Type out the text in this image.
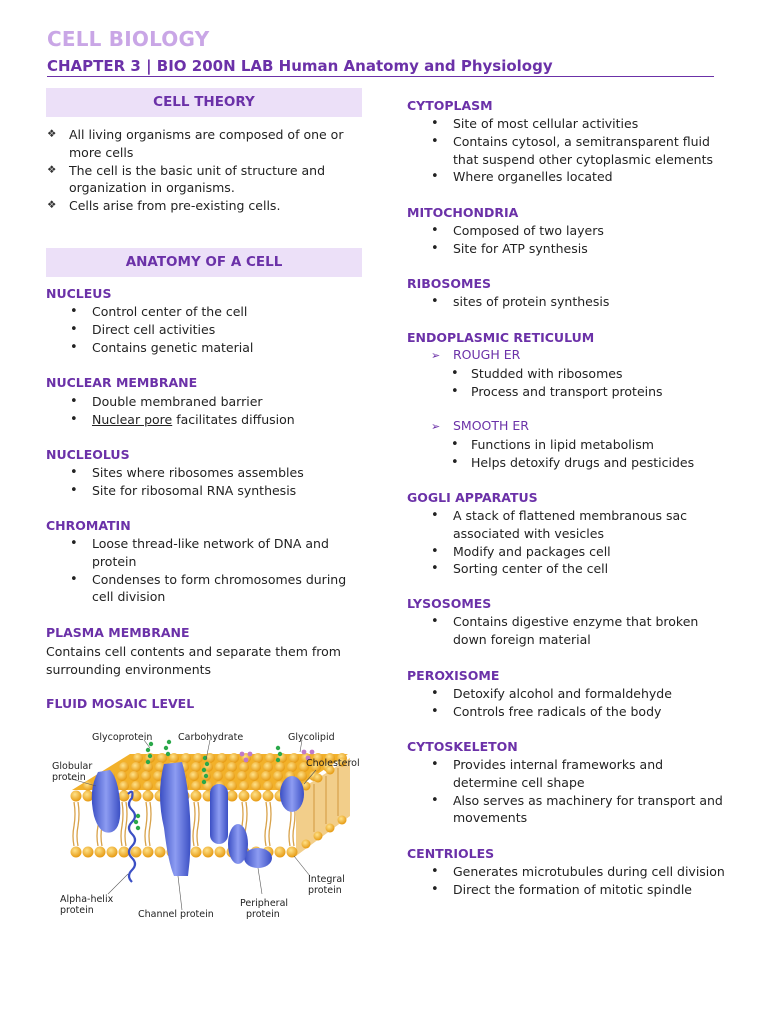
CELL BIOLOGY
CHAPTER 3 | BIO 200N LAB Human Anatomy and Physiology
CELL THEORY
❖ All living organisms are composed of one or more cells
❖ The cell is the basic unit of structure and organization in organisms.
❖ Cells arise from pre-existing cells.
ANATOMY OF A CELL
NUCLEUS
• Control center of the cell
• Direct cell activities
• Contains genetic material
NUCLEAR MEMBRANE
• Double membraned barrier
• Nuclear pore facilitates diffusion
NUCLEOLUS
• Sites where ribosomes assembles
• Site for ribosomal RNA synthesis
CHROMATIN
• Loose thread-like network of DNA and protein
• Condenses to form chromosomes during cell division
PLASMA MEMBRANE
Contains cell contents and separate them from surrounding environments
FLUID MOSAIC LEVEL
Glycoprotein	Carbohydrate	Glycolipid
Globular
protein
Cholesterol
Integral
protein
Alpha-helix
protein	Channel protein
Peripheral
protein
CYTOPLASM
• Site of most cellular activities
• Contains cytosol, a semitransparent fluid that suspend other cytoplasmic elements
• Where organelles located
MITOCHONDRIA
• Composed of two layers
• Site for ATP synthesis
RIBOSOMES
• sites of protein synthesis
ENDOPLASMIC RETICULUM
➢ ROUGH ER
• Studded with ribosomes
• Process and transport proteins
➢ SMOOTH ER
• Functions in lipid metabolism
• Helps detoxify drugs and pesticides
GOGLI APPARATUS
• A stack of flattened membranous sac associated with vesicles
• Modify and packages cell
• Sorting center of the cell
LYSOSOMES
• Contains digestive enzyme that broken down foreign material
PEROXISOME
• Detoxify alcohol and formaldehyde
• Controls free radicals of the body
CYTOSKELETON
• Provides internal frameworks and determine cell shape
• Also serves as machinery for transport and movements
CENTRIOLES
• Generates microtubules during cell division
• Direct the formation of mitotic spindle
